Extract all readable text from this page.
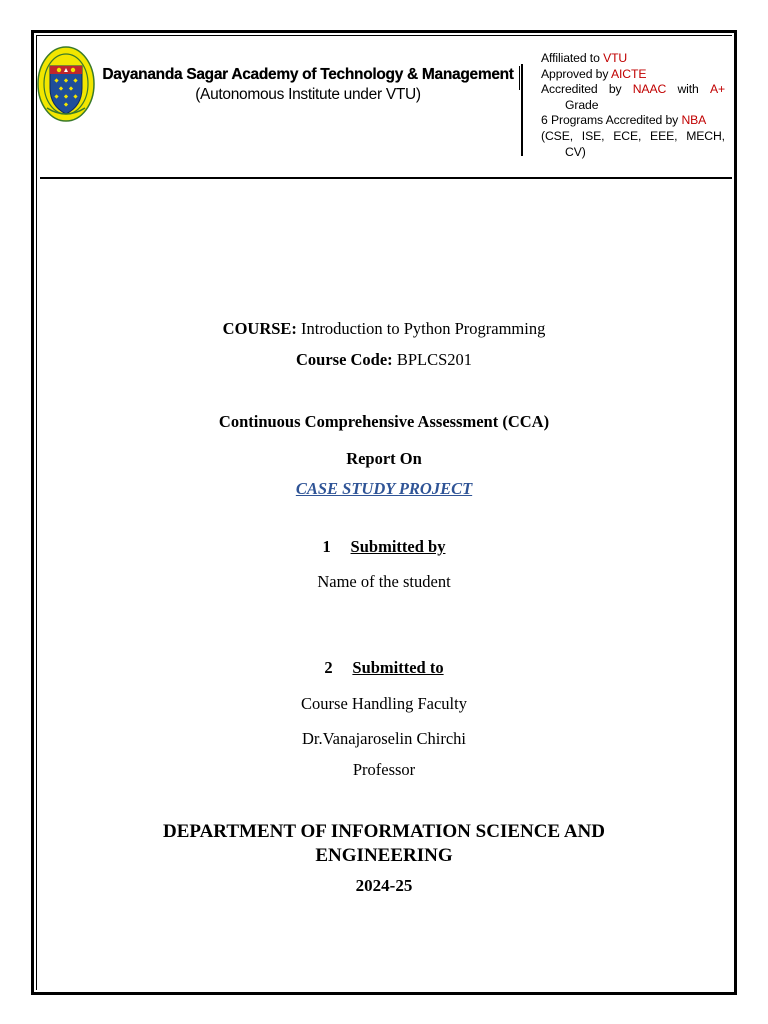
Dayananda Sagar Academy of Technology & Management
(Autonomous Institute under VTU)
Affiliated to VTU
Approved by AICTE
Accredited by NAAC with A+
Grade
6 Programs Accredited by NBA
(CSE, ISE, ECE, EEE, MECH,
CV)
COURSE: Introduction to Python Programming
Course Code: BPLCS201
Continuous Comprehensive Assessment (CCA)
Report On
CASE STUDY PROJECT
1 Submitted by
Name of the student
2 Submitted to
Course Handling Faculty
Dr.Vanajaroselin Chirchi
Professor
DEPARTMENT OF INFORMATION SCIENCE AND
ENGINEERING
2024-25
